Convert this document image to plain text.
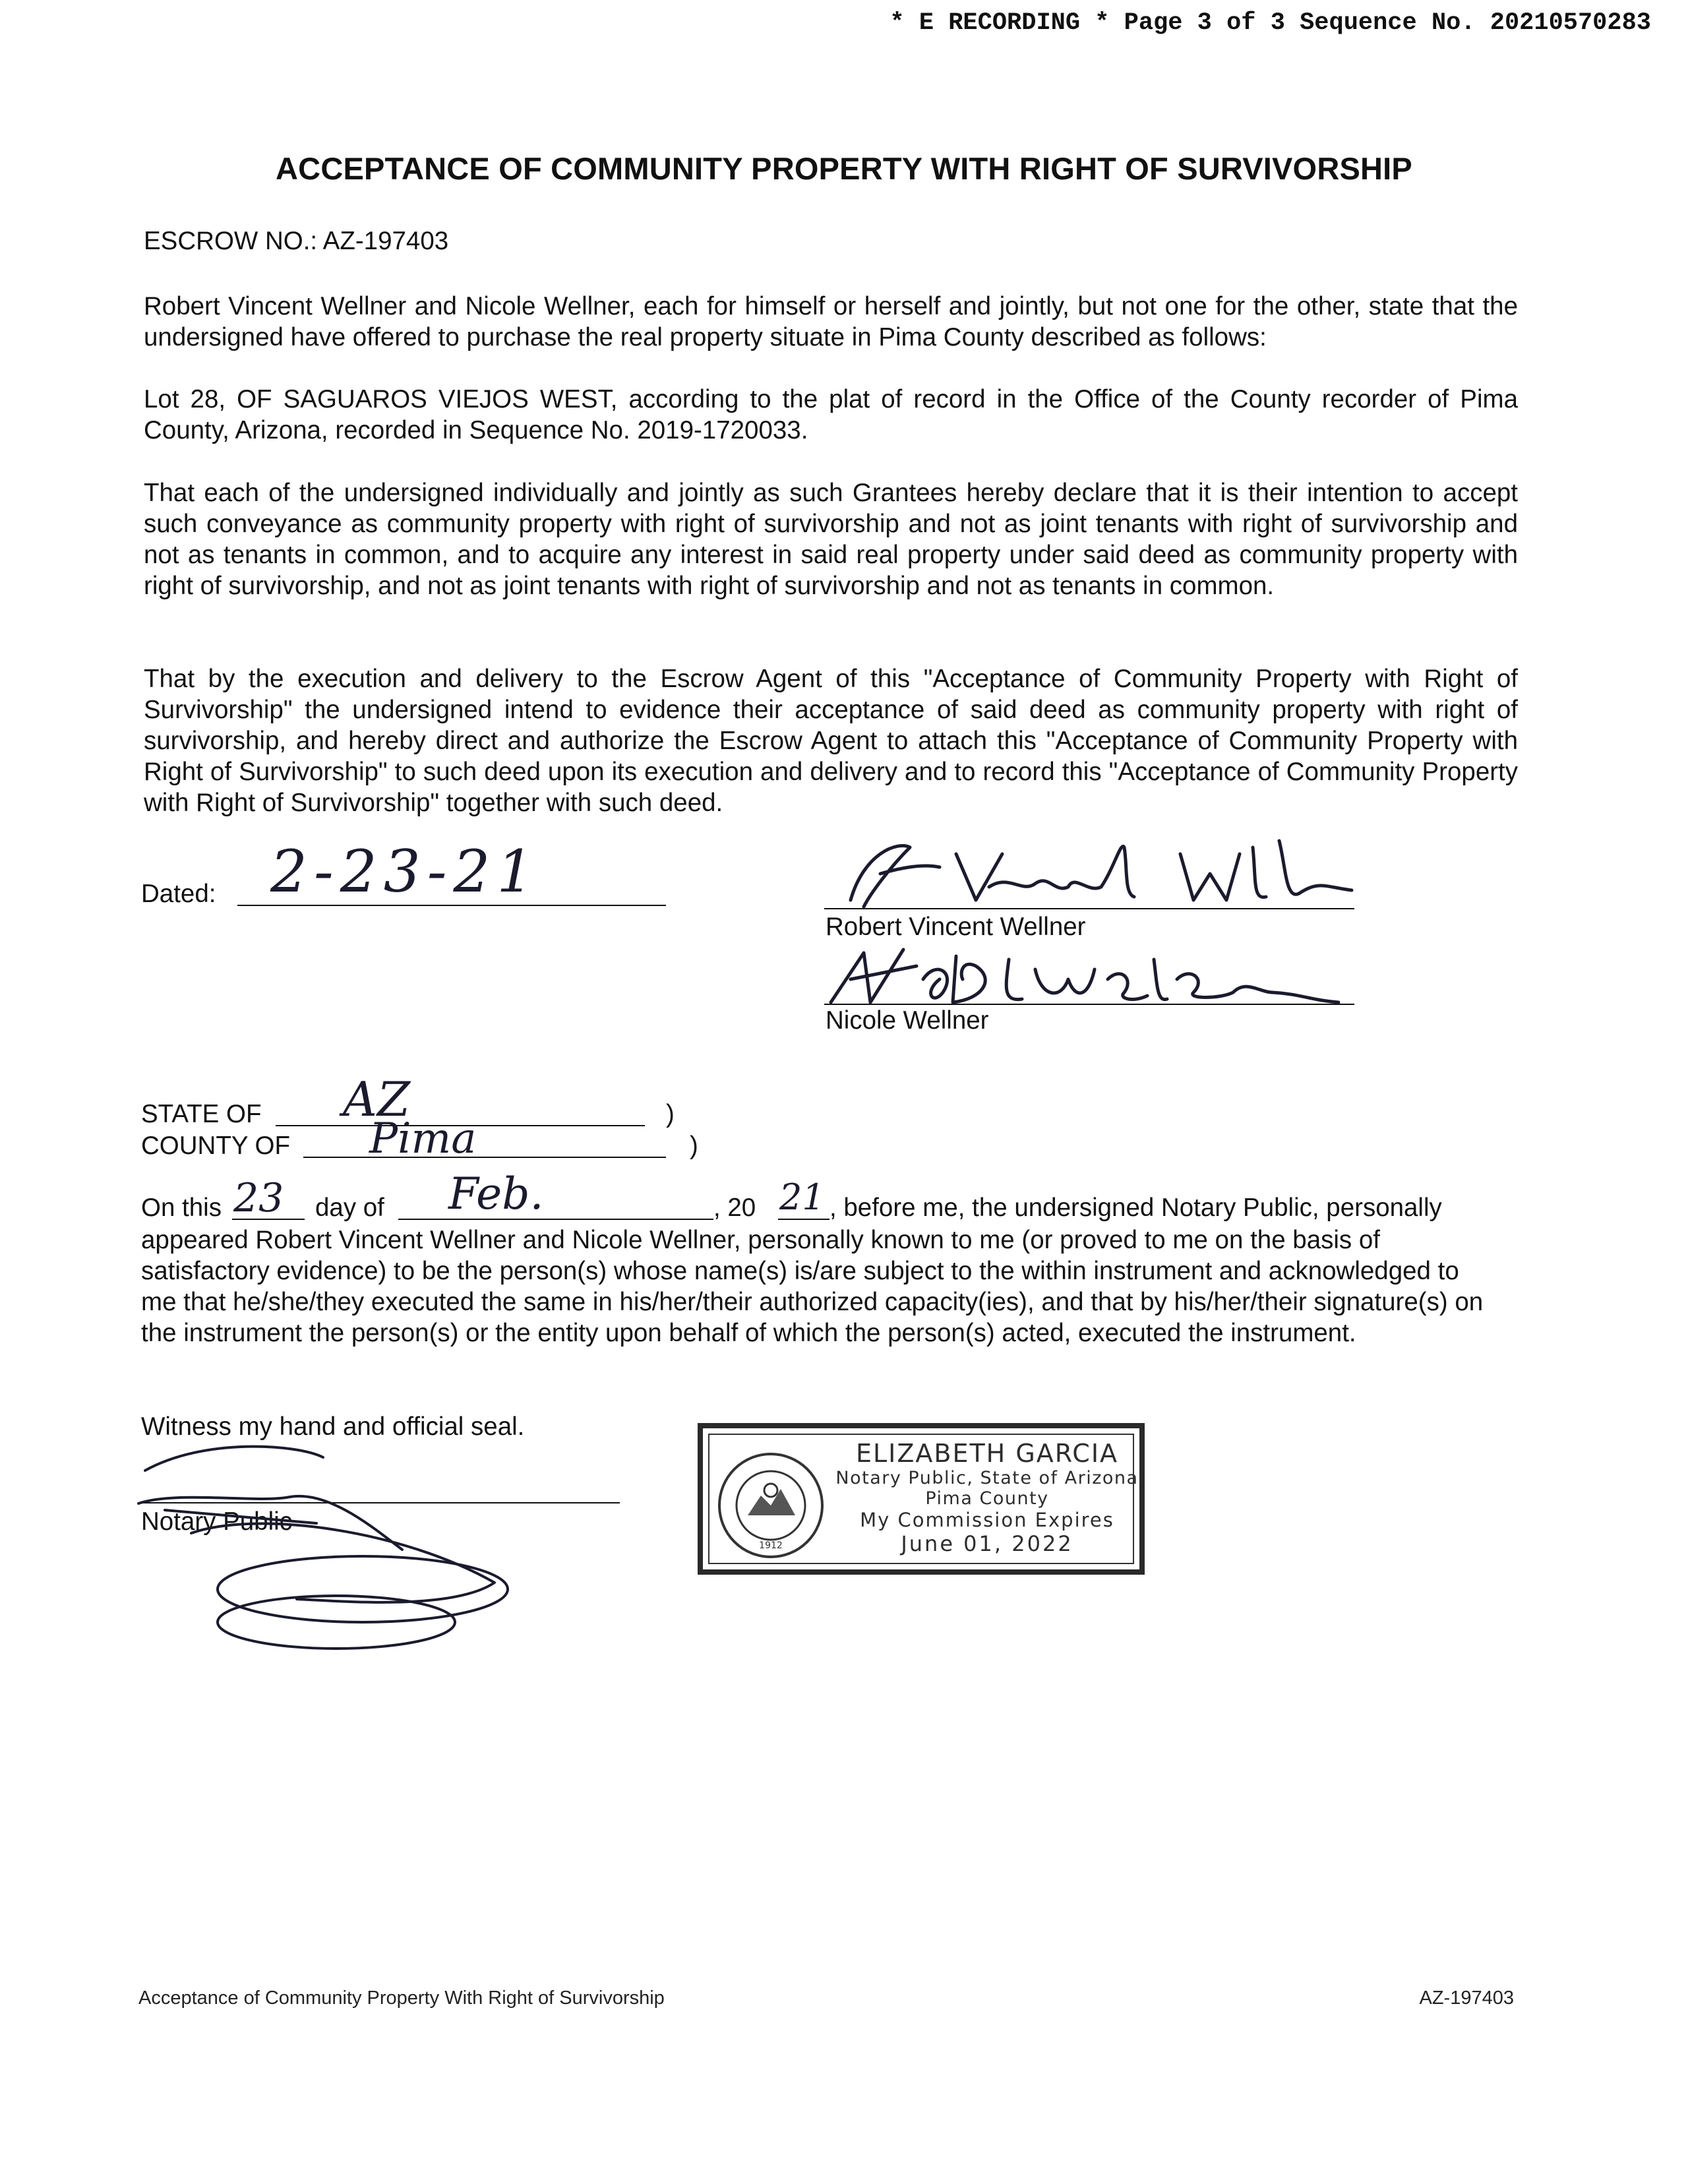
* E RECORDING * Page 3 of 3 Sequence No. 20210570283
ACCEPTANCE OF COMMUNITY PROPERTY WITH RIGHT OF SURVIVORSHIP
ESCROW NO.: AZ-197403
Robert Vincent Wellner and Nicole Wellner, each for himself or herself and jointly, but not one for the other, state that the undersigned have offered to purchase the real property situate in Pima County described as follows:
Lot 28, OF SAGUAROS VIEJOS WEST, according to the plat of record in the Office of the County recorder of Pima County, Arizona, recorded in Sequence No. 2019-1720033.
That each of the undersigned individually and jointly as such Grantees hereby declare that it is their intention to accept such conveyance as community property with right of survivorship and not as joint tenants with right of survivorship and not as tenants in common, and to acquire any interest in said real property under said deed as community property with right of survivorship, and not as joint tenants with right of survivorship and not as tenants in common.
That by the execution and delivery to the Escrow Agent of this "Acceptance of Community Property with Right of Survivorship" the undersigned intend to evidence their acceptance of said deed as community property with right of survivorship, and hereby direct and authorize the Escrow Agent to attach this "Acceptance of Community Property with Right of Survivorship" to such deed upon its execution and delivery and to record this "Acceptance of Community Property with Right of Survivorship" together with such deed.
Dated: 2-23-21
Robert Vincent Wellner
Nicole Wellner
STATE OF AZ	)
COUNTY OF Pima	)
On this 23 day of Feb.	, 20 21 , before me, the undersigned Notary Public, personally
appeared Robert Vincent Wellner and Nicole Wellner, personally known to me (or proved to me on the basis of satisfactory evidence) to be the person(s) whose name(s) is/are subject to the within instrument and acknowledged to me that he/she/they executed the same in his/her/their authorized capacity(ies), and that by his/her/their signature(s) on the instrument the person(s) or the entity upon behalf of which the person(s) acted, executed the instrument.
Witness my hand and official seal.
Notary Public
1912
ELIZABETH GARCIA
Notary Public, State of Arizona
Pima County
My Commission Expires
June 01, 2022
Acceptance of Community Property With Right of Survivorship	AZ-197403
